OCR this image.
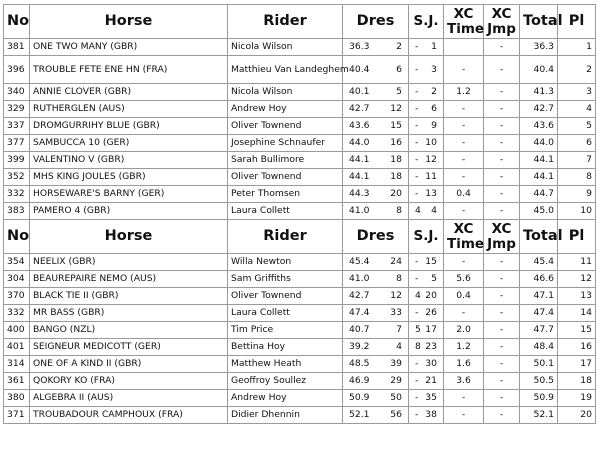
No	Horse	Rider	Dres	S.J.	XC Time	XC Jmp	Total	Pl
381	ONE TWO MANY (GBR)	Nicola Wilson	36.3 2	- 1		-	36.3	1
396	TROUBLE FETE ENE HN (FRA)	Matthieu Van Landeghem	40.4 6	- 3	-	-	40.4	2
340	ANNIE CLOVER (GBR)	Nicola Wilson	40.1 5	- 2	1.2	-	41.3	3
329	RUTHERGLEN (AUS)	Andrew Hoy	42.7 12	- 6	-	-	42.7	4
337	DROMGURRIHY BLUE (GBR)	Oliver Townend	43.6 15	- 9	-	-	43.6	5
377	SAMBUCCA 10 (GER)	Josephine Schnaufer	44.0 16	- 10	-	-	44.0	6
399	VALENTINO V (GBR)	Sarah Bullimore	44.1 18	- 12	-	-	44.1	7
352	MHS KING JOULES (GBR)	Oliver Townend	44.1 18	- 11	-	-	44.1	8
332	HORSEWARE'S BARNY (GER)	Peter Thomsen	44.3 20	- 13	0.4	-	44.7	9
383	PAMERO 4 (GBR)	Laura Collett	41.0 8	4 4	-	-	45.0	10
No	Horse	Rider	Dres	S.J.	XC Time	XC Jmp	Total	Pl
354	NEELIX (GBR)	Willa Newton	45.4 24	- 15	-	-	45.4	11
304	BEAUREPAIRE NEMO (AUS)	Sam Griffiths	41.0 8	- 5	5.6	-	46.6	12
370	BLACK TIE II (GBR)	Oliver Townend	42.7 12	4 20	0.4	-	47.1	13
332	MR BASS (GBR)	Laura Collett	47.4 33	- 26	-	-	47.4	14
400	BANGO (NZL)	Tim Price	40.7 7	5 17	2.0	-	47.7	15
401	SEIGNEUR MEDICOTT (GER)	Bettina Hoy	39.2 4	8 23	1.2	-	48.4	16
314	ONE OF A KIND II (GBR)	Matthew Heath	48.5 39	- 30	1.6	-	50.1	17
361	QOKORY KO (FRA)	Geoffroy Soullez	46.9 29	- 21	3.6	-	50.5	18
380	ALGEBRA II (AUS)	Andrew Hoy	50.9 50	- 35	-	-	50.9	19
371	TROUBADOUR CAMPHOUX (FRA)	Didier Dhennin	52.1 56	- 38	-	-	52.1	20
